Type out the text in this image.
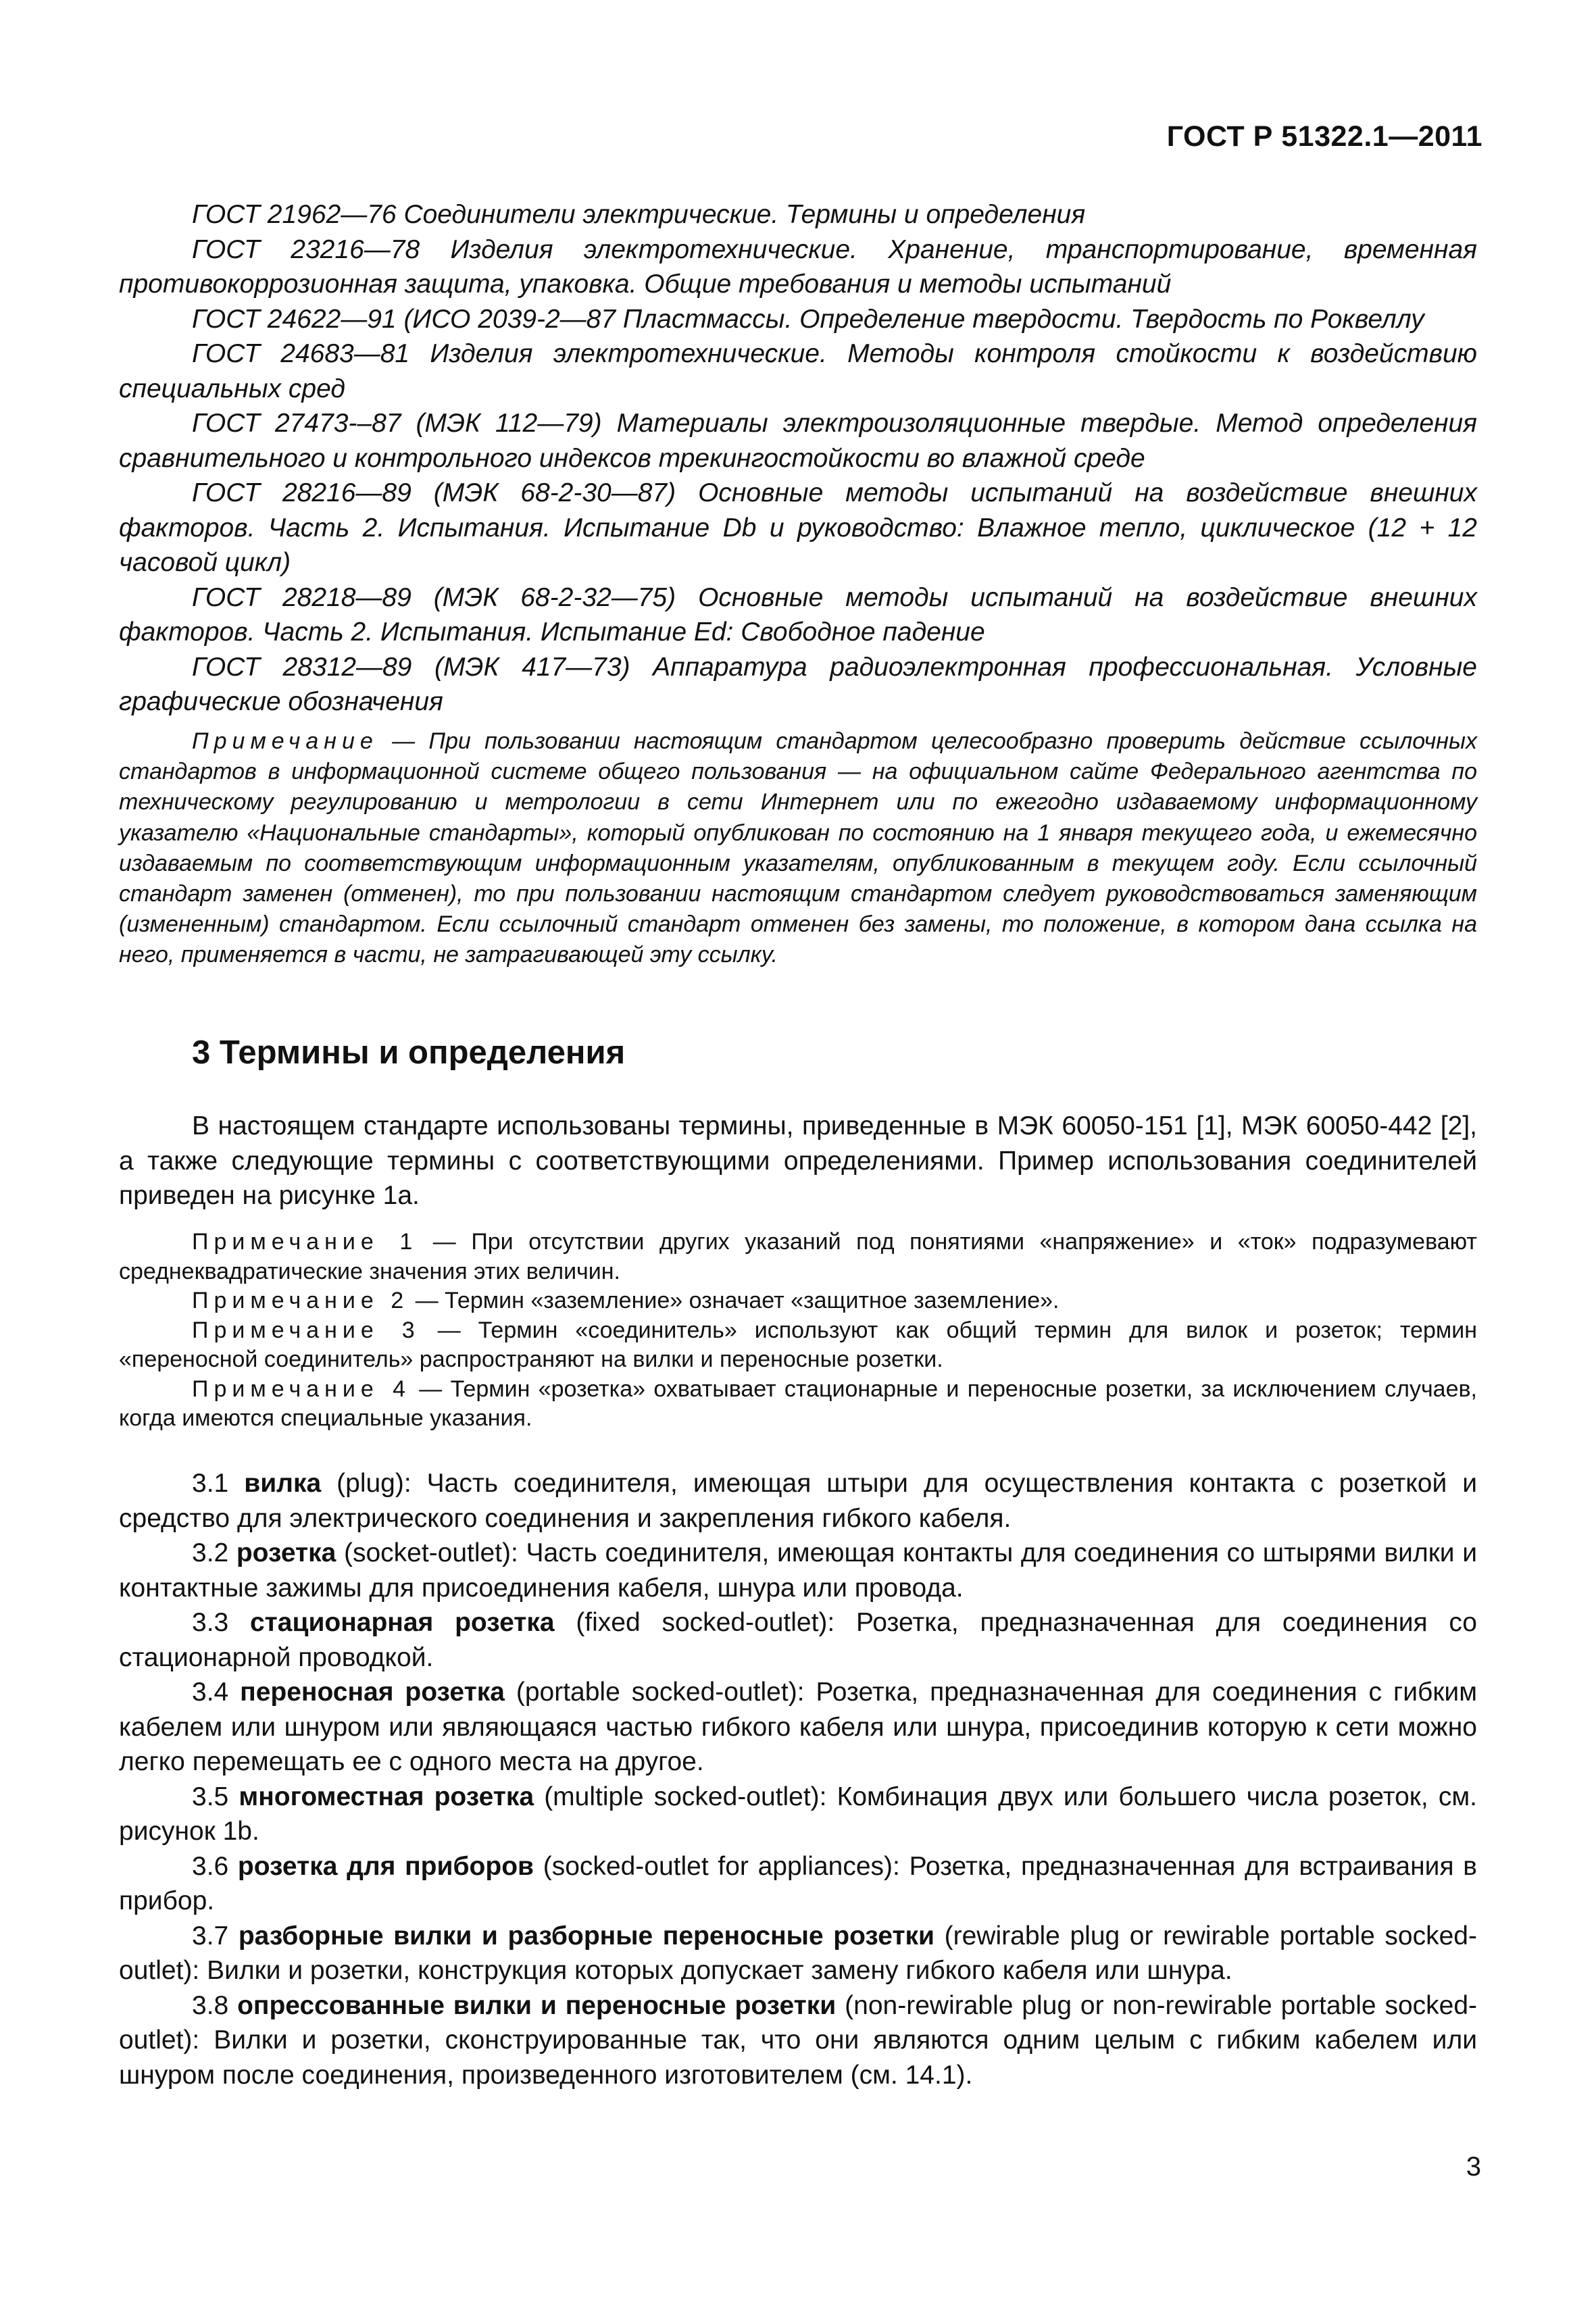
ГОСТ Р 51322.1—2011

ГОСТ 21962—76 Соединители электрические. Термины и определения

ГОСТ 23216—78 Изделия электротехнические. Хранение, транспортирование, временная противокоррозионная защита, упаковка. Общие требования и методы испытаний

ГОСТ 24622—91 (ИСО 2039-2—87 Пластмассы. Определение твердости. Твердость по Роквеллу

ГОСТ 24683—81 Изделия электротехнические. Методы контроля стойкости к воздействию специальных сред

ГОСТ 27473-–87 (МЭК 112—79) Материалы электроизоляционные твердые. Метод определения сравнительного и контрольного индексов трекингостойкости во влажной среде

ГОСТ 28216—89 (МЭК 68-2-30—87) Основные методы испытаний на воздействие внешних факторов. Часть 2. Испытания. Испытание Db и руководство: Влажное тепло, циклическое (12 + 12 часовой цикл)

ГОСТ 28218—89 (МЭК 68-2-32—75) Основные методы испытаний на воздействие внешних факторов. Часть 2. Испытания. Испытание Ed: Свободное падение

ГОСТ 28312—89 (МЭК 417—73) Аппаратура радиоэлектронная профессиональная. Условные графические обозначения

Примечание — При пользовании настоящим стандартом целесообразно проверить действие ссылочных стандартов в информационной системе общего пользования — на официальном сайте Федерального агентства по техническому регулированию и метрологии в сети Интернет или по ежегодно издаваемому информационному указателю «Национальные стандарты», который опубликован по состоянию на 1 января текущего года, и ежемесячно издаваемым по соответствующим информационным указателям, опубликованным в текущем году. Если ссылочный стандарт заменен (отменен), то при пользовании настоящим стандартом следует руководствоваться заменяющим (измененным) стандартом. Если ссылочный стандарт отменен без замены, то положение, в котором дана ссылка на него, применяется в части, не затрагивающей эту ссылку.

3 Термины и определения

В настоящем стандарте использованы термины, приведенные в МЭК 60050-151 [1], МЭК 60050-442 [2], а также следующие термины с соответствующими определениями. Пример использования соединителей приведен на рисунке 1а.

Примечание 1 — При отсутствии других указаний под понятиями «напряжение» и «ток» подразумевают среднеквадратические значения этих величин.

Примечание 2 — Термин «заземление» означает «защитное заземление».

Примечание 3 — Термин «соединитель» используют как общий термин для вилок и розеток; термин «переносной соединитель» распространяют на вилки и переносные розетки.

Примечание 4 — Термин «розетка» охватывает стационарные и переносные розетки, за исключением случаев, когда имеются специальные указания.

3.1 вилка (plug): Часть соединителя, имеющая штыри для осуществления контакта с розеткой и средство для электрического соединения и закрепления гибкого кабеля.

3.2 розетка (socket-outlet): Часть соединителя, имеющая контакты для соединения со штырями вилки и контактные зажимы для присоединения кабеля, шнура или провода.

3.3 стационарная розетка (fixed socked-outlet): Розетка, предназначенная для соединения со стационарной проводкой.

3.4 переносная розетка (portable socked-outlet): Розетка, предназначенная для соединения с гибким кабелем или шнуром или являющаяся частью гибкого кабеля или шнура, присоединив которую к сети можно легко перемещать ее с одного места на другое.

3.5 многоместная розетка (multiple socked-outlet): Комбинация двух или большего числа розеток, см. рисунок 1b.

3.6 розетка для приборов (socked-outlet for appliances): Розетка, предназначенная для встраивания в прибор.

3.7 разборные вилки и разборные переносные розетки (rewirable plug or rewirable portable socked-outlet): Вилки и розетки, конструкция которых допускает замену гибкого кабеля или шнура.

3.8 опрессованные вилки и переносные розетки (non-rewirable plug or non-rewirable portable socked-outlet): Вилки и розетки, сконструированные так, что они являются одним целым с гибким кабелем или шнуром после соединения, произведенного изготовителем (см. 14.1).

3
